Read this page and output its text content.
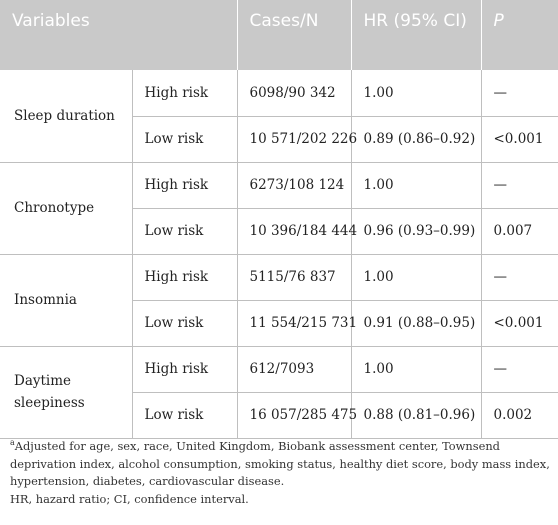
Variables		Cases/N	HR (95% CI)	P
Sleep duration	High risk	6098/90 342	1.00	—
	Low risk	10 571/202 226	0.89 (0.86–0.92)	<0.001
Chronotype	High risk	6273/108 124	1.00	—
	Low risk	10 396/184 444	0.96 (0.93–0.99)	0.007
Insomnia	High risk	5115/76 837	1.00	—
	Low risk	11 554/215 731	0.91 (0.88–0.95)	<0.001
Daytime sleepiness	High risk	612/7093	1.00	—
	Low risk	16 057/285 475	0.88 (0.81–0.96)	0.002

$^a$Adjusted for age, sex, race, United Kingdom, Biobank assessment center, Townsend deprivation index, alcohol consumption, smoking status, healthy diet score, body mass index, hypertension, diabetes, cardiovascular disease.

HR, hazard ratio; CI, confidence interval.
